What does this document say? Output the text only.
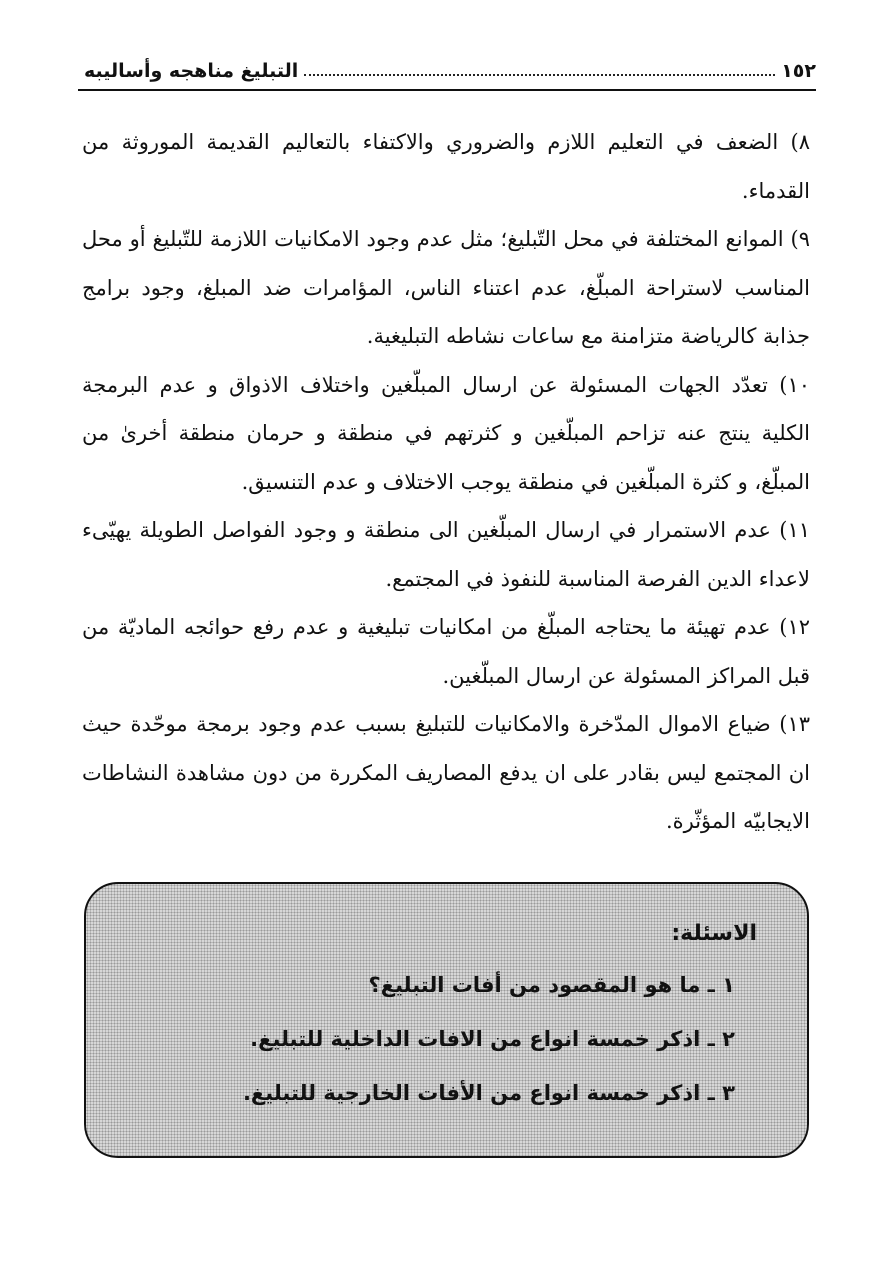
١٥٢
التبليغ مناهجه وأساليبه

٨) الضعف في التعليم اللازم والضروري والاكتفاء بالتعاليم القديمة الموروثة من القدماء.

٩) الموانع المختلفة في محل التّبليغ؛ مثل عدم وجود الامكانيات اللازمة للتّبليغ أو محل المناسب لاستراحة المبلّغ، عدم اعتناء الناس، المؤامرات ضد المبلغ، وجود برامج جذابة كالرياضة متزامنة مع ساعات نشاطه التبليغية.

١٠) تعدّد الجهات المسئولة عن ارسال المبلّغين واختلاف الاذواق و عدم البرمجة الكلية ينتج عنه تزاحم المبلّغين و كثرتهم في منطقة و حرمان منطقة أخرىٰ من المبلّغ، و كثرة المبلّغين في منطقة يوجب الاختلاف و عدم التنسيق.

١١) عدم الاستمرار في ارسال المبلّغين الى منطقة و وجود الفواصل الطويلة يهيّىء لاعداء الدين الفرصة المناسبة للنفوذ في المجتمع.

١٢) عدم تهيئة ما يحتاجه المبلّغ من امكانيات تبليغية و عدم رفع حوائجه الماديّة من قبل المراكز المسئولة عن ارسال المبلّغين.

١٣) ضياع الاموال المدّخرة والامكانيات للتبليغ بسبب عدم وجود برمجة موحّدة حيث ان المجتمع ليس بقادر على ان يدفع المصاريف المكررة من دون مشاهدة النشاطات الايجابيّه المؤثّرة.

الاسئلة:
١ ـ ما هو المقصود من أفات التبليغ؟
٢ ـ اذكر خمسة انواع من الافات الداخلية للتبليغ.
٣ ـ اذكر خمسة انواع من الأفات الخارجية للتبليغ.
